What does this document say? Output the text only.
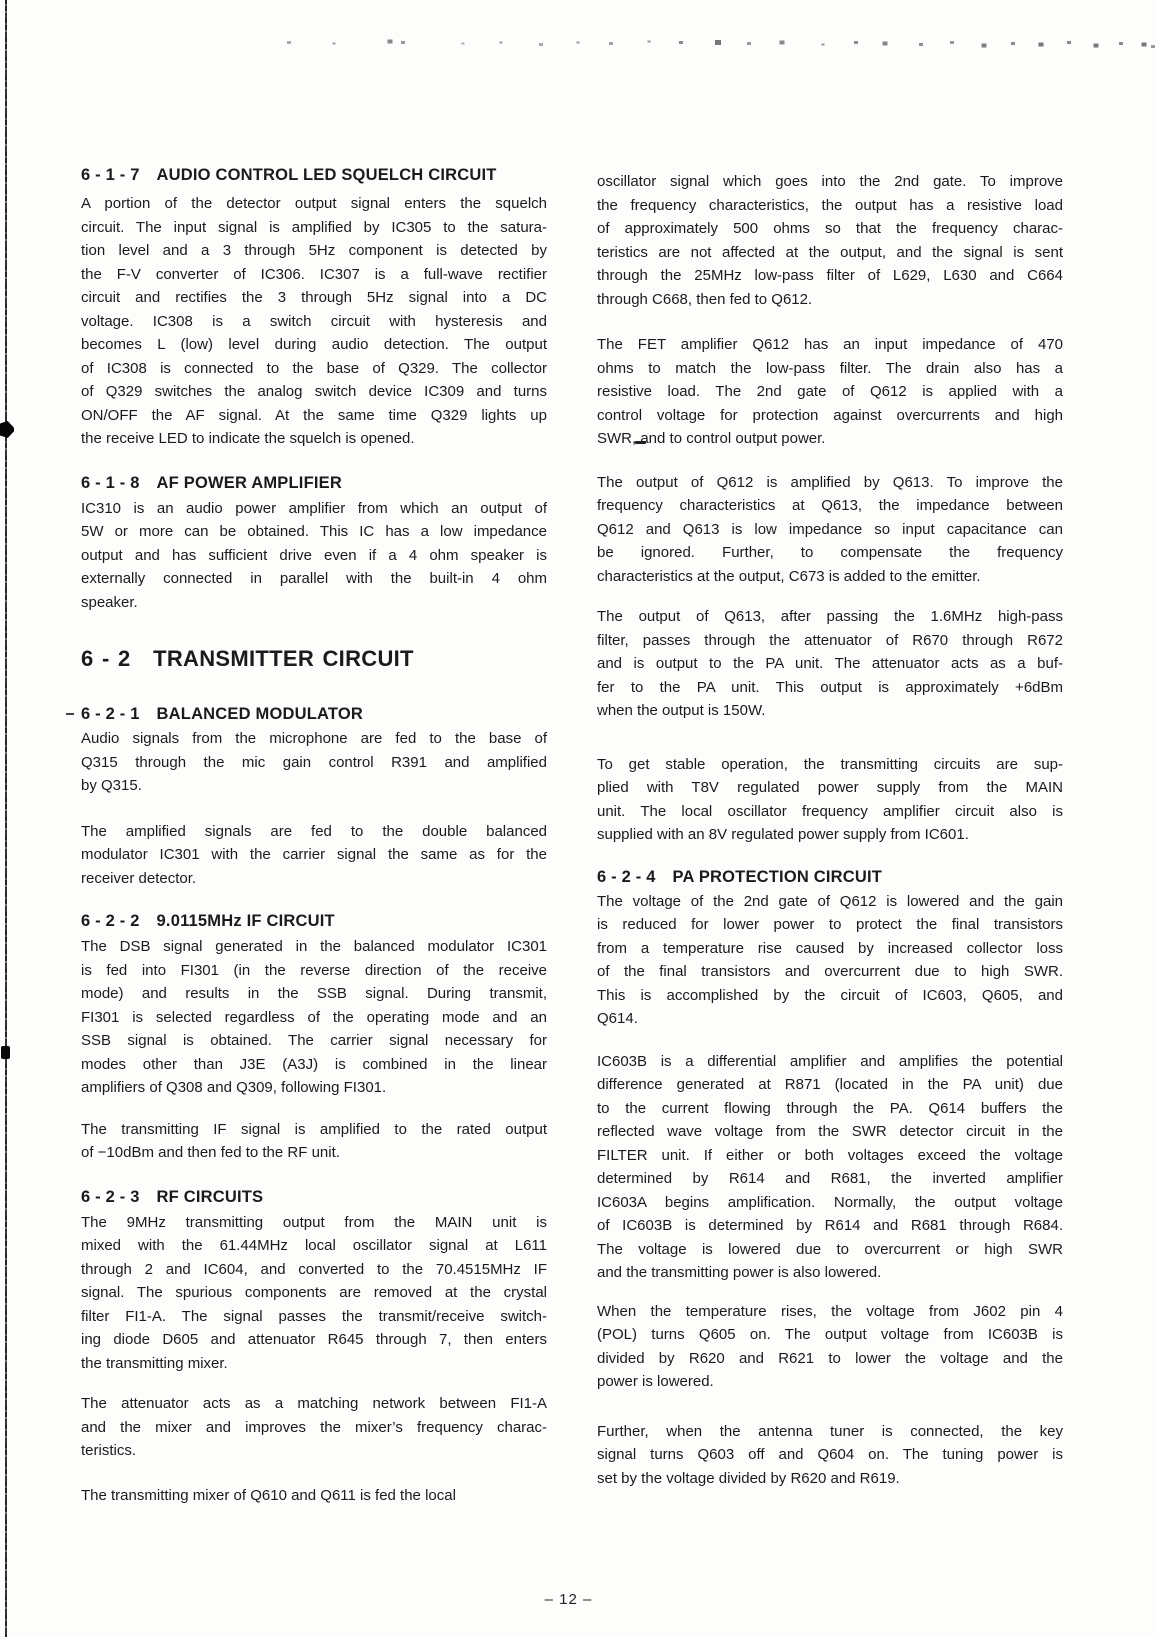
6 - 1 - 7  AUDIO CONTROL LED SQUELCH CIRCUIT
A portion of the detector output signal enters the squelch
circuit. The input signal is amplified by IC305 to the satura-
tion level and a 3 through 5Hz component is detected by
the F-V converter of IC306. IC307 is a full-wave rectifier
circuit and rectifies the 3 through 5Hz signal into a DC
voltage. IC308 is a switch circuit with hysteresis and
becomes L (low) level during audio detection. The output
of IC308 is connected to the base of Q329. The collector
of Q329 switches the analog switch device IC309 and turns
ON/OFF the AF signal. At the same time Q329 lights up
the receive LED to indicate the squelch is opened.
6 - 1 - 8  AF POWER AMPLIFIER
IC310 is an audio power amplifier from which an output of
5W or more can be obtained. This IC has a low impedance
output and has sufficient drive even if a 4 ohm speaker is
externally connected in parallel with the built-in 4 ohm
speaker.
6 - 2  TRANSMITTER CIRCUIT
6 - 2 - 1  BALANCED MODULATOR
Audio signals from the microphone are fed to the base of
Q315 through the mic gain control R391 and amplified
by Q315.
The amplified signals are fed to the double balanced
modulator IC301 with the carrier signal the same as for the
receiver detector.
6 - 2 - 2  9.0115MHz IF CIRCUIT
The DSB signal generated in the balanced modulator IC301
is fed into FI301 (in the reverse direction of the receive
mode) and results in the SSB signal. During transmit,
FI301 is selected regardless of the operating mode and an
SSB signal is obtained. The carrier signal necessary for
modes other than J3E (A3J) is combined in the linear
amplifiers of Q308 and Q309, following FI301.
The transmitting IF signal is amplified to the rated output
of −10dBm and then fed to the RF unit.
6 - 2 - 3  RF CIRCUITS
The 9MHz transmitting output from the MAIN unit is
mixed with the 61.44MHz local oscillator signal at L611
through 2 and IC604, and converted to the 70.4515MHz IF
signal. The spurious components are removed at the crystal
filter FI1-A. The signal passes the transmit/receive switch-
ing diode D605 and attenuator R645 through 7, then enters
the transmitting mixer.
The attenuator acts as a matching network between FI1-A
and the mixer and improves the mixer’s frequency charac-
teristics.
The transmitting mixer of Q610 and Q611 is fed the local
oscillator signal which goes into the 2nd gate. To improve
the frequency characteristics, the output has a resistive load
of approximately 500 ohms so that the frequency charac-
teristics are not affected at the output, and the signal is sent
through the 25MHz low-pass filter of L629, L630 and C664
through C668, then fed to Q612.
The FET amplifier Q612 has an input impedance of 470
ohms to match the low-pass filter. The drain also has a
resistive load. The 2nd gate of Q612 is applied with a
control voltage for protection against overcurrents and high
SWR, and to control output power.
The output of Q612 is amplified by Q613. To improve the
frequency characteristics at Q613, the impedance between
Q612 and Q613 is low impedance so input capacitance can
be ignored. Further, to compensate the frequency
characteristics at the output, C673 is added to the emitter.
The output of Q613, after passing the 1.6MHz high-pass
filter, passes through the attenuator of R670 through R672
and is output to the PA unit. The attenuator acts as a buf-
fer to the PA unit. This output is approximately +6dBm
when the output is 150W.
To get stable operation, the transmitting circuits are sup-
plied with T8V regulated power supply from the MAIN
unit. The local oscillator frequency amplifier circuit also is
supplied with an 8V regulated power supply from IC601.
6 - 2 - 4  PA PROTECTION CIRCUIT
The voltage of the 2nd gate of Q612 is lowered and the gain
is reduced for lower power to protect the final transistors
from a temperature rise caused by increased collector loss
of the final transistors and overcurrent due to high SWR.
This is accomplished by the circuit of IC603, Q605, and
Q614.
IC603B is a differential amplifier and amplifies the potential
difference generated at R871 (located in the PA unit) due
to the current flowing through the PA. Q614 buffers the
reflected wave voltage from the SWR detector circuit in the
FILTER unit. If either or both voltages exceed the voltage
determined by R614 and R681, the inverted amplifier
IC603A begins amplification. Normally, the output voltage
of IC603B is determined by R614 and R681 through R684.
The voltage is lowered due to overcurrent or high SWR
and the transmitting power is also lowered.
When the temperature rises, the voltage from J602 pin 4
(POL) turns Q605 on. The output voltage from IC603B is
divided by R620 and R621 to lower the voltage and the
power is lowered.
Further, when the antenna tuner is connected, the key
signal turns Q603 off and Q604 on. The tuning power is
set by the voltage divided by R620 and R619.
– 12 –
